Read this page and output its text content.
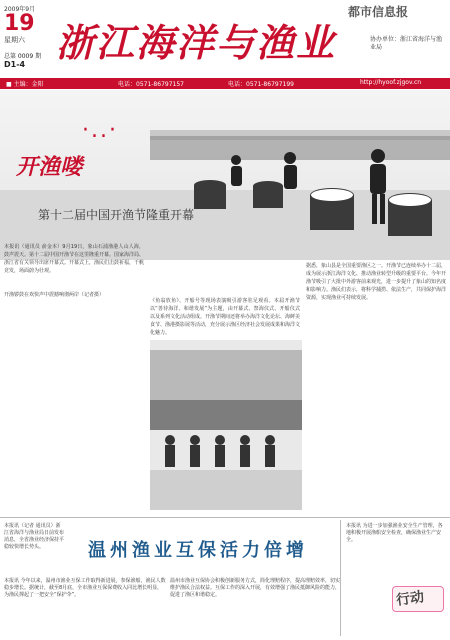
2009年9月
19
星期六
总第 0009 期
D1-4 浙江海洋与渔业
都市信息报
协办单位：浙江省海洋与渔业局
■ 主编：金阳	电话：0571-86797157	电话：0571-86797199	http://hyoof.zjgov.cn
·..·
开渔喽
第十二届中国开渔节隆重开幕
本报讯（通讯员 俞金本）9月19日，象山石浦渔港人山人海，鼓声震天。第十二届中国开渔节在这里隆重开幕。国家海洋局、浙江省有关领导出席开幕式。开幕式上，渔民们击鼓祈福，千帆竞发，场面蔚为壮观。
开渔锣鼓在欢快声中震撼响彻两岸（记者摄）
《鱼翁放鱼》、开船号等现场表演吸引游客驻足观看。本届开渔节以“善待海洋、和谐发展”为主题，由开幕式、祭海仪式、开船仪式以及系列文化活动组成。开渔节期间还将举办海洋文化论坛、海鲜美食节、渔港摄影展等活动，充分展示渔区经济社会发展成果和海洋文化魅力。
据悉，象山县是全国重要渔区之一。开渔节已连续举办十二届，成为展示浙江海洋文化、推动渔业转型升级的重要平台。今年开渔节吸引了大批中外游客前来观光，进一步提升了象山的知名度和影响力。渔民们表示，将科学捕捞、依法生产，共同保护海洋资源，实现渔业可持续发展。
本报讯（记者 通讯员）浙江省海洋与渔业局日前发布消息，全省渔业经济保持平稳较快增长势头。	温州渔业互保活力倍增
本报讯 今年以来，温州市渔业互保工作取得新进展，参保渔船、渔民人数稳步增长。据统计，截至8月底，全市渔业互保保费收入同比增长明显，为渔民撑起了一把安全“保护伞”。
温州市渔业互保协会积极创新服务方式，简化理赔程序，提高理赔效率，切实维护渔民合法权益。互保工作的深入开展，有效增强了渔民抵御风险的能力，促进了渔区和谐稳定。
本报讯 为进一步加强渔业安全生产管理，各地积极开展渔船安全检查，确保渔业生产安全。
行动
